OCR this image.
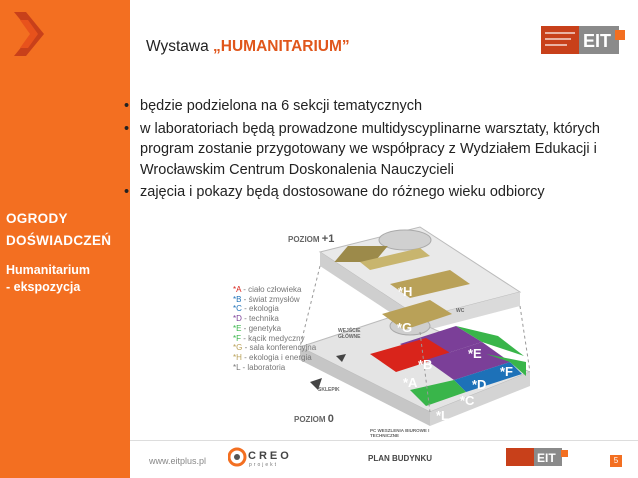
OGRODY
DOŚWIADCZEŃ
Humanitarium
- ekspozycja
EIT
Wystawa „HUMANITARIUM”
• będzie podzielona na 6 sekcji tematycznych
• w laboratoriach będą prowadzone multidyscyplinarne warsztaty, których program zostanie przygotowany we współpracy z Wydziałem Edukacji i Wrocławskim Centrum Doskonalenia Nauczycieli
• zajęcia i pokazy będą dostosowane do różnego wieku odbiorcy
POZIOM +1
POZIOM 0
WEJŚCIE GŁÓWNE
SKLEPIK
WC
PC WESZLENIA BIUROWE I TECHNICZNE
*H
*G
*B
*E
*A	*D
*F
*C
*L
*A - ciało człowieka
*B - świat zmysłów
*C - ekologia
*D - technika
*E - genetyka
*F - kącik medyczny
*G - sala konferencyjna
*H - ekologia i energia
*L - laboratoria
www.eitplus.pl	CREO
projekt
PLAN BUDYNKU	EIT	5
